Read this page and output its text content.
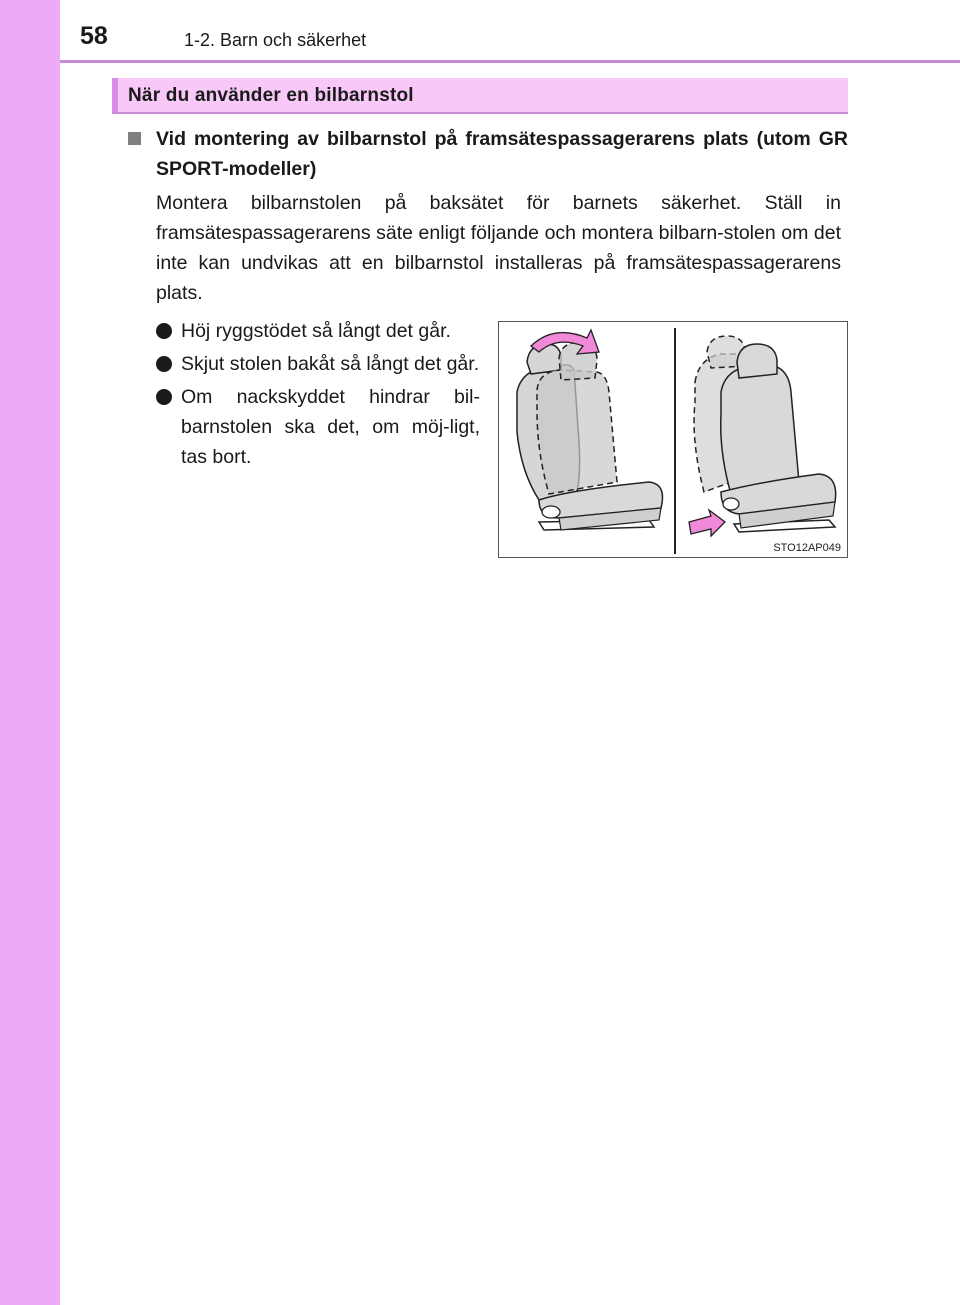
58	1-2. Barn och säkerhet
När du använder en bilbarnstol
Vid montering av bilbarnstol på framsätespassagerarens plats (utom GR SPORT-modeller)
Montera bilbarnstolen på baksätet för barnets säkerhet. Ställ in framsätespassagerarens säte enligt följande och montera bilbarn-stolen om det inte kan undvikas att en bilbarnstol installeras på framsätespassagerarens plats.
Höj ryggstödet så långt det går.
Skjut stolen bakåt så långt det går.
Om nackskyddet hindrar bil-barnstolen ska det, om möj-ligt, tas bort.
STO12AP049
